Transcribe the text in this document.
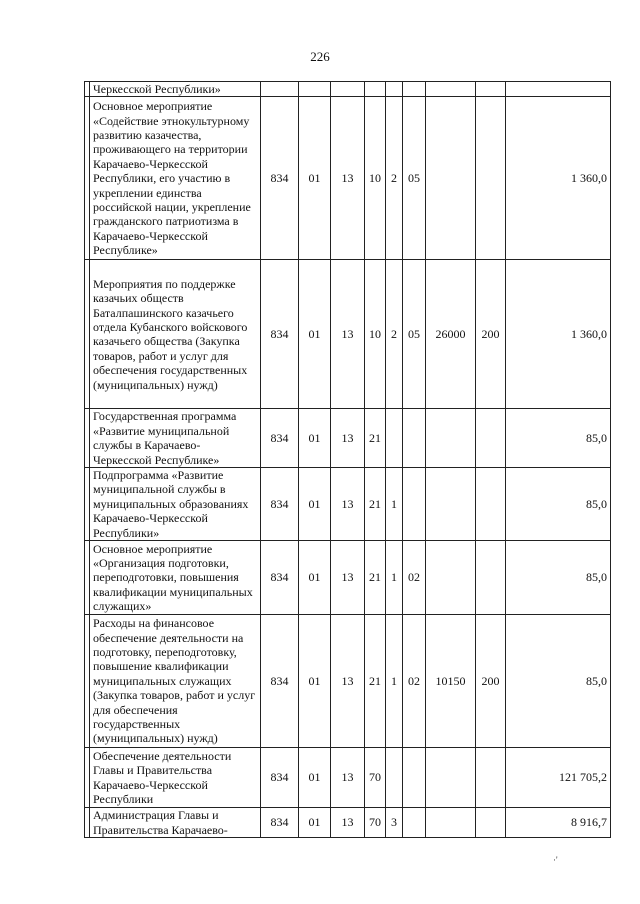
226
	Черкесской Республики»									
	Основное мероприятие «Содействие этнокультурному развитию казачества, проживающего на территории Карачаево-Черкесской Республики, его участию в укреплении единства российской нации, укрепление гражданского патриотизма в Карачаево-Черкесской Республике»	834	01	13	10	2	05			1 360,0
	Мероприятия по поддержке казачьих обществ Баталпашинского казачьего отдела Кубанского войскового казачьего общества (Закупка товаров, работ и услуг для обеспечения государственных (муниципальных) нужд)	834	01	13	10	2	05	26000	200	1 360,0
	Государственная программа «Развитие муниципальной службы в Карачаево-Черкесской Республике»	834	01	13	21					85,0
	Подпрограмма «Развитие муниципальной службы в муниципальных образованиях Карачаево-Черкесской Республики»	834	01	13	21	1				85,0
	Основное мероприятие «Организация подготовки, переподготовки, повышения квалификации муниципальных служащих»	834	01	13	21	1	02			85,0
	Расходы на финансовое обеспечение деятельности на подготовку, переподготовку, повышение квалификации муниципальных служащих (Закупка товаров, работ и услуг для обеспечения государственных (муниципальных) нужд)	834	01	13	21	1	02	10150	200	85,0
	Обеспечение деятельности Главы и Правительства Карачаево-Черкесской Республики	834	01	13	70					121 705,2
	Администрация Главы и Правительства Карачаево-	834	01	13	70	3				8 916,7
·'
